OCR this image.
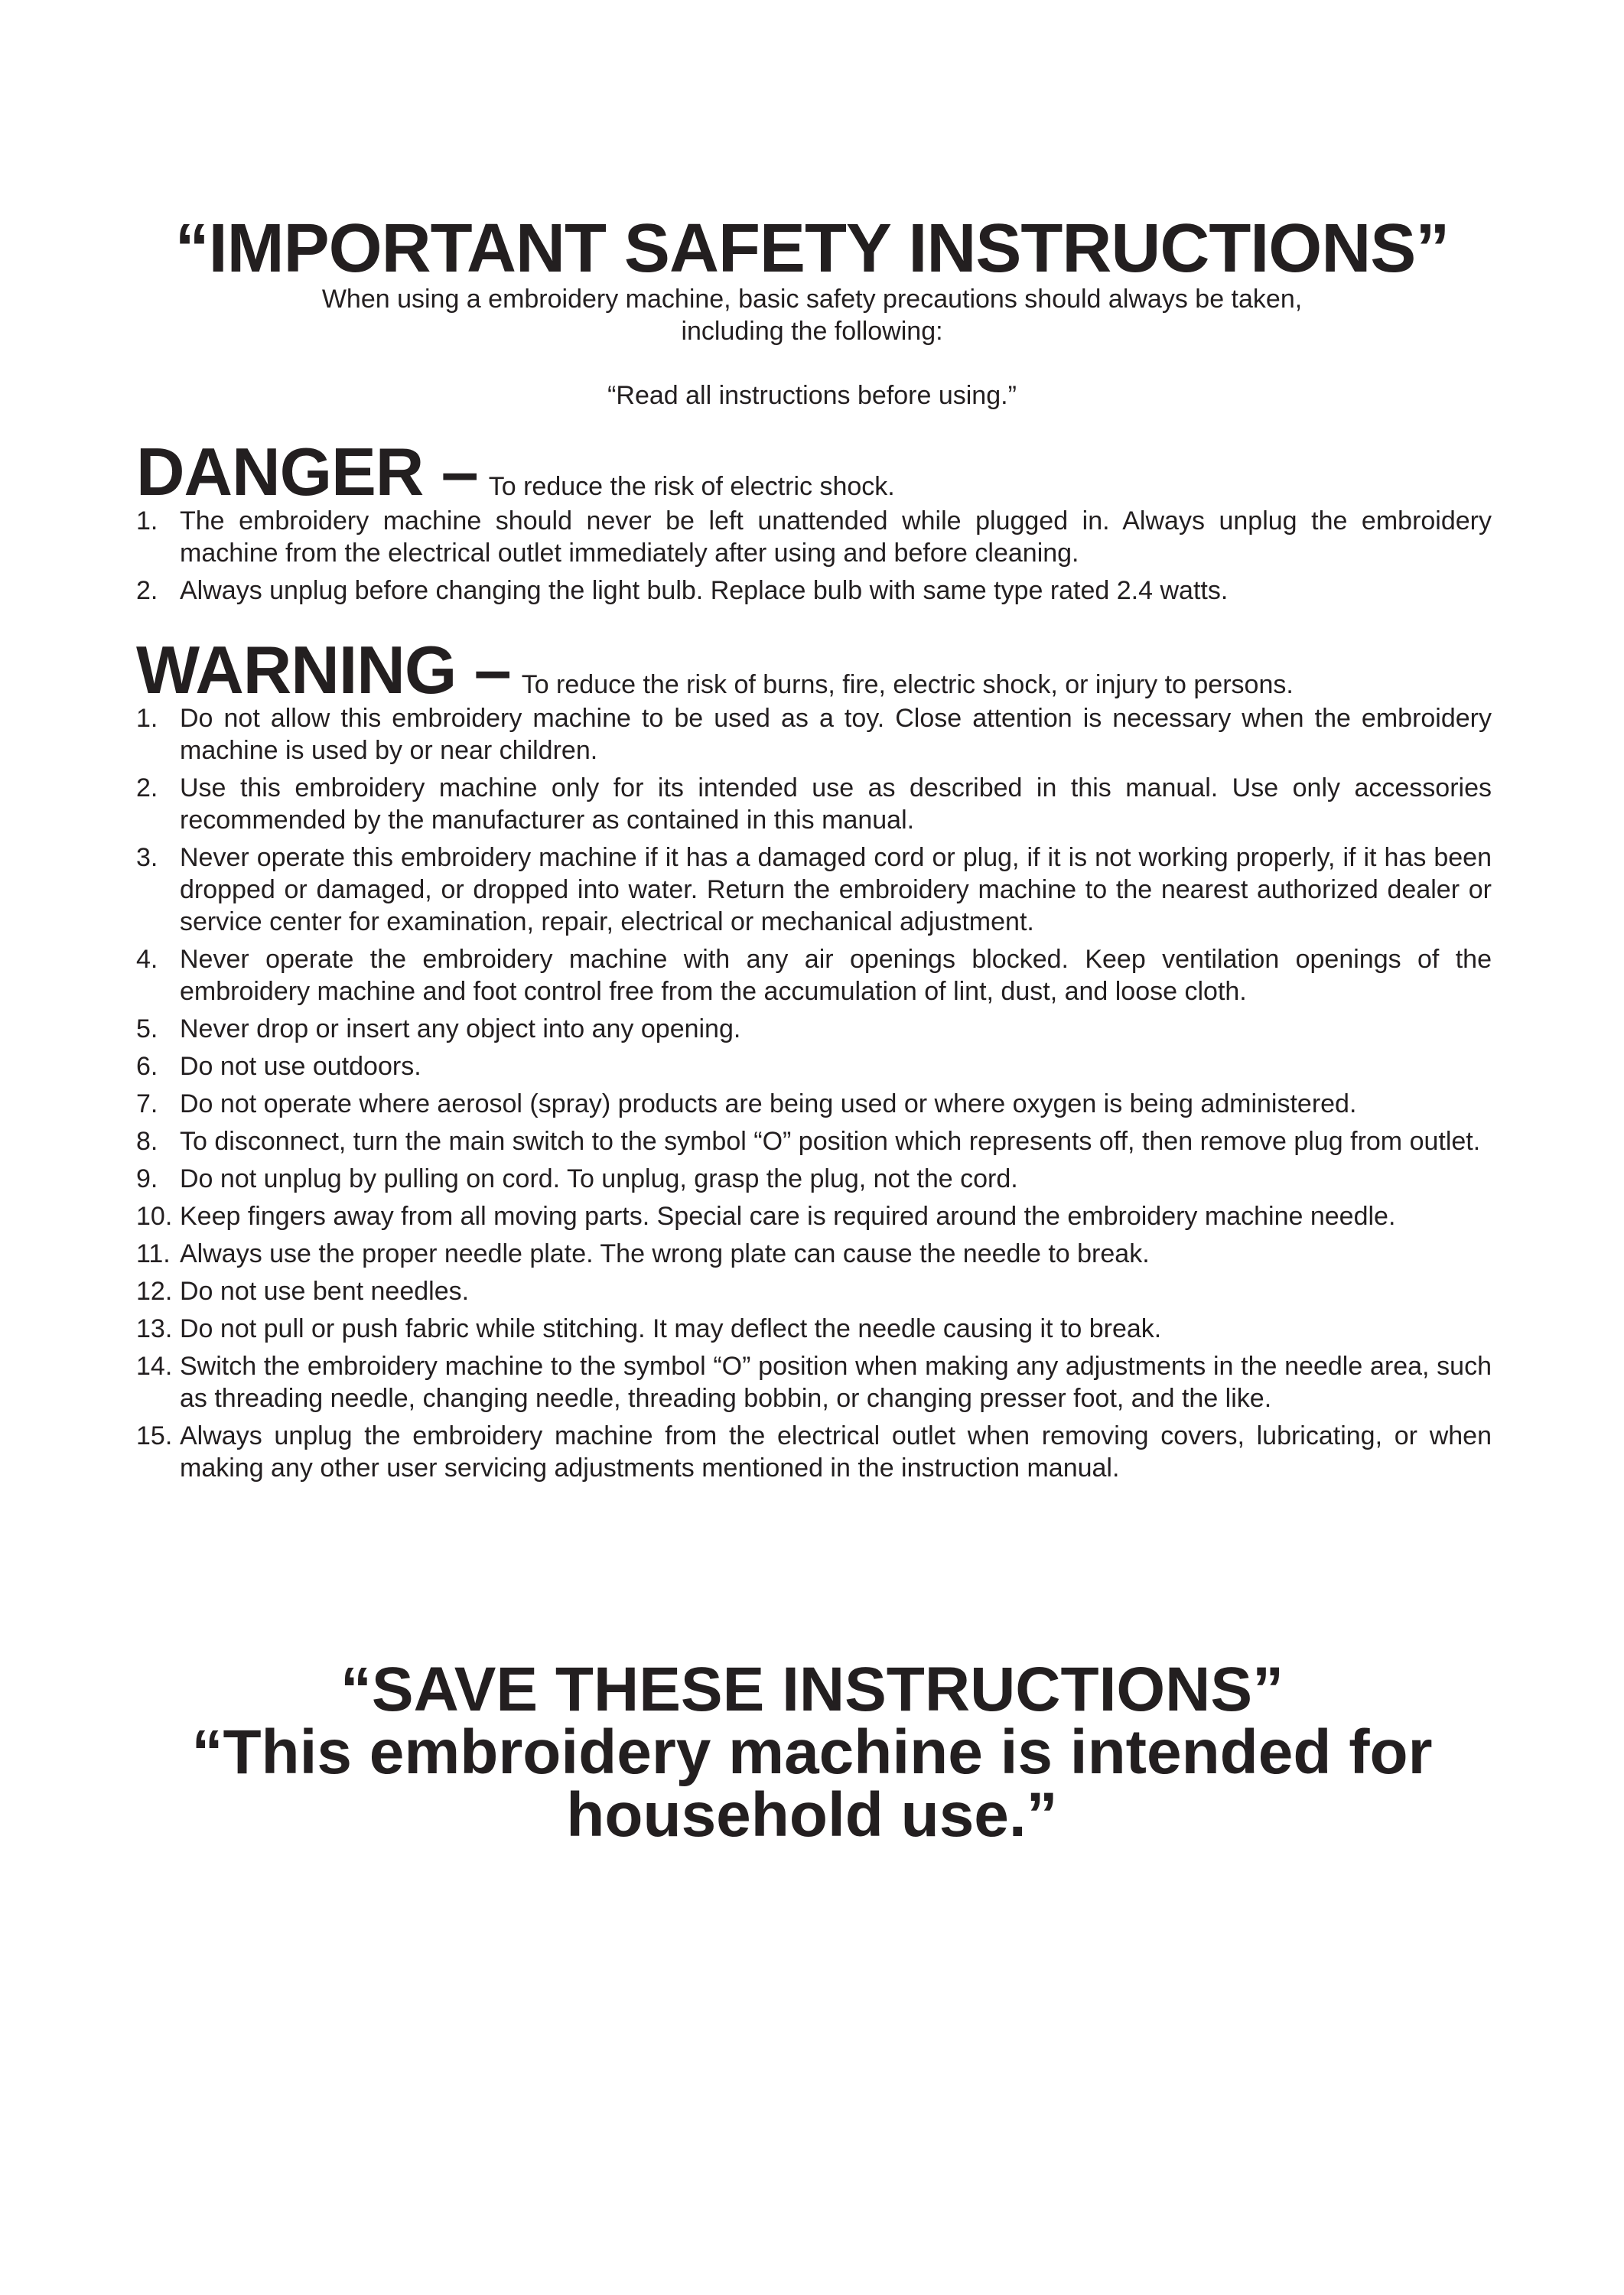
“IMPORTANT SAFETY INSTRUCTIONS”

When using a embroidery machine, basic safety precautions should always be taken,

including the following:

“Read all instructions before using.”
DANGER – To reduce the risk of electric shock.
1. The embroidery machine should never be left unattended while plugged in. Always unplug the embroidery machine from the electrical outlet immediately after using and before cleaning.
2. Always unplug before changing the light bulb. Replace bulb with same type rated 2.4 watts.
WARNING – To reduce the risk of burns, fire, electric shock, or injury to persons.
1. Do not allow this embroidery machine to be used as a toy. Close attention is necessary when the embroidery machine is used by or near children.
2. Use this embroidery machine only for its intended use as described in this manual. Use only accessories recommended by the manufacturer as contained in this manual.
3. Never operate this embroidery machine if it has a damaged cord or plug, if it is not working properly, if it has been dropped or damaged, or dropped into water. Return the embroidery machine to the nearest authorized dealer or service center for examination, repair, electrical or mechanical adjustment.
4. Never operate the embroidery machine with any air openings blocked. Keep ventilation openings of the embroidery machine and foot control free from the accumulation of lint, dust, and loose cloth.
5. Never drop or insert any object into any opening.
6. Do not use outdoors.
7. Do not operate where aerosol (spray) products are being used or where oxygen is being administered.
8. To disconnect, turn the main switch to the symbol “O” position which represents off, then remove plug from outlet.
9. Do not unplug by pulling on cord. To unplug, grasp the plug, not the cord.
10. Keep fingers away from all moving parts. Special care is required around the embroidery machine needle.
11. Always use the proper needle plate. The wrong plate can cause the needle to break.
12. Do not use bent needles.
13. Do not pull or push fabric while stitching. It may deflect the needle causing it to break.
14. Switch the embroidery machine to the symbol “O” position when making any adjustments in the needle area, such as threading needle, changing needle, threading bobbin, or changing presser foot, and the like.
15. Always unplug the embroidery machine from the electrical outlet when removing covers, lubricating, or when making any other user servicing adjustments mentioned in the instruction manual.
“SAVE THESE INSTRUCTIONS”
“This embroidery machine is intended for
household use.”
